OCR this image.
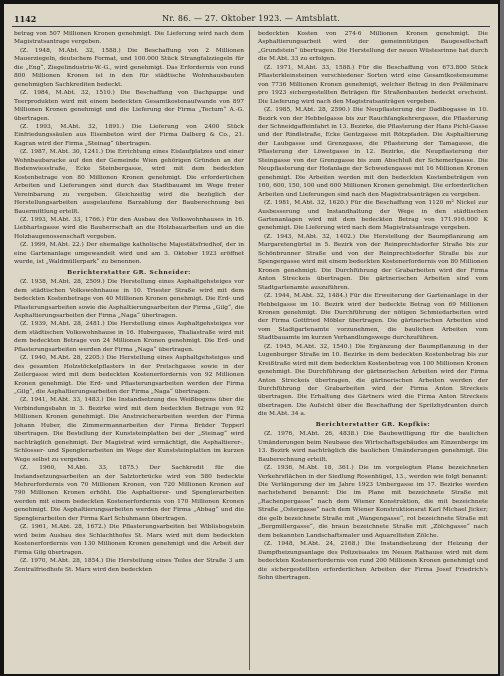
1142	Nr. 86. — 27. Oktober 1923. — Amtsblatt.

betrag von 507 Millionen Kronen genehmigt. Die Lieferung wird nach dem Magistratsantrage vergeben.

(Z. 1948, M.Abt. 32, 1588.) Die Beschaffung von 2 Millionen Mauerziegeln, deutschem Format, und 100.000 Stück Strangfalzziegeln für die „Eng“, Ziegelindustrie-W.-G., wird genehmigt. Das Erfordernis von rund 800 Millionen Kronen ist in den für städtische Wohnhausbauten genehmigten Sachkrediten bedeckt.

(Z. 1984, M.Abt. 32, 1510.) Die Beschaffung von Dachpappe und Teerprodukten wird mit einem bedeckten Gesamtkostenaufwande von 897 Millionen Kronen genehmigt und die Lieferung der Firma „Tectum“ A.-G. übertragen.

(Z. 1993, M.Abt. 32, 1891.) Die Lieferung von 2400 Stück Einfriedungssäulen aus Eisenbeton wird der Firma Dalberg & Co., 21. Kagran wird der Firma „Steinag“ übertragen.

(Z. 1987, M.Abt. 30, 1241.) Die Errichtung eines Eislaufplatzes und einer Wohnbaubaracke auf den der Gemeinde Wien gehörigen Gründen an der Bodenwiesstraße, Ecke Steinbergasse, wird mit dem bedeckten Kostenbetrage von 80 Millionen Kronen genehmigt. Die erforderlichen Arbeiten und Lieferungen sind durch das Stadtbauamt im Wege freier Vereinbarung zu vergeben. Gleichzeitig wird die bezüglich der Herstellungsarbeiten ausgelaufene Barzahlung der Bauberechnung bei Bauermittlung ertellt.

(Z. 1993, M.Abt. 33, 1766.) Für den Ausbau des Volkswohnhauses in 16. Liebhartsgasse wird die Bauherrschaft an die Holzbauarbeiten und an die Holzbaugenossenschaft vergeben.

(Z. 1999, M.Abt. 22.) Der ehemalige katholische Majestätsfriedhof, der in eine Gartenanlage umgewandelt wird und am 3. Oktober 1923 eröffnet wurde, ist „Waldmüllerpark“ zu benennen.

Berichterstatter GR. Schneider:

(Z. 1938, M.Abt. 28, 2509.) Die Herstellung eines Asphaltgehsteiges vor dem städtischen Volkswohnhause in 10. Triester Straße wird mit dem bedeckten Kostenbetrage von 40 Millionen Kronen genehmigt. Die Erd- und Pflasterungsarbeiten sowie die Asphaltierungsarbeiten der Firma „Gilg“, die Asphaltierungsarbeiten der Firma „Naga“ übertragen.

(Z. 1939, M.Abt. 28, 2481.) Die Herstellung eines Asphaltgehsteiges vor dem städtischen Volkswohnhause in 16. Hubergasse, Thaliastraße wird mit dem bedeckten Betrage von 24 Millionen Kronen genehmigt. Die Erd- und Pflasterungsarbeiten werden der Firma „Naga“ übertragen.

(Z. 1940, M.Abt. 28, 2205.) Die Herstellung eines Asphaltgehsteiges und des gesamten Holzstöckelpflasters in der Pretschgasse sowie in der Zeilergasse wird mit dem bedeckten Kostenerfordernis von 92 Millionen Kronen genehmigt. Die Erd- und Pflasterungsarbeiten werden der Firma „Gilg“, die Asphaltierungsarbeiten der Firma „Naga“ übertragen.

(Z. 1941, M.Abt. 33, 1483.) Die Instandsetzung des Weißbogens über die Verbindungsbahn in 3. Bezirke wird mit dem bedeckten Betrage von 92 Millionen Kronen genehmigt. Die Anstreicherarbeiten werden der Firma Johann Huber, die Zimmermannarbeiten der Firma Brüder Tepperl übertragen. Die Bestellung der Kunststeinplatten bei der „Steinag“ wird nachträglich genehmigt. Der Magistrat wird ermächtigt, die Asphaltierer-, Schlosser- und Spenglerarbeiten im Wege der Kunststeinplatten im kurzen Wege selbst zu vergeben.

(Z. 1960, M.Abt. 33, 1875.) Der Sachkredit für die Instandsetzungsarbeiten an der Salztorbrücke wird von 580 bedeckte Mehrerfordernis von 70 Millionen Kronen, von 720 Millionen Kronen auf 790 Millionen Kronen erhöht. Die Asphaltierer- und Spenglerarbeiten werden mit einem bedeckten Kostenerfordernis von 170 Millionen Kronen genehmigt. Die Asphaltierungsarbeiten werden der Firma „Abbag“ und die Spenglerarbeiten der Firma Karl Schuhmann übertragen.

(Z. 1961, M.Abt. 28, 1672.) Die Pflasterungsarbeiten bei Wiblisbogstein wird beim Ausbau des Schlachthofes St. Marx wird mit dem bedeckten Kostenerfordernis von 130 Millionen Kronen genehmigt und die Arbeit der Firma Gilg übertragen.

(Z. 1970, M.Abt. 28, 1854.) Die Herstellung eines Teiles der Straße 3 am Zentralfriedhofe St. Marx wird den bedeckten

bedeckten Kosten von 274·6 Millionen Kronen genehmigt. Die Asphaltierungsarbeit wird der gemeinnützigen Baugesellschaft „Grundstein“ übertragen. Die Herstellung der neuen Wüstesrinne hat durch die M.Abt. 33 zu erfolgen.

(Z. 1971, M.Abt. 33, 1588.) Für die Beschaffung von 673.800 Stück Pflasterkleinsteinen verschiedener Sorten wird eine Gesamtkostensumme von 7736 Millionen Kronen genehmigt, welcher Betrag in den Präliminare pro 1923 sichergestellten Beträgen für Straßenbauten bedeckt erscheint. Die Lieferung wird nach den Magistratsanträgen vergeben.

(Z. 1985, M.Abt. 28, 2590.) Die Neupflasterung der Dadibogasse in 10. Bezirk von der Hebbelgasse bis zur Rauchfangkehrergasse, die Pflasterung der Schneidgaffeinfahrt in 13. Bezirke, die Pflasterung der Hans Pichl-Gasse und der Rindlstraße, Ecke Gentzgasse mit Rötzpfaden. Die Asphaltierung der Laubgasse und Grenzgasse, die Pflasterung der Tamagasse, die Pflasterung der Löwetgasse in 12. Bezirke, die Neupflasterung der Steingasse von der Grenzgasse bis zum Abschluß der Schemerlgasse. Die Neupflasterung der Hofanlage der Schwedengasse mit 16 Millionen Kronen genehmigt. Die Arbeiten werden mit den bedeckten Kostenbeträgen von 160, 600, 150, 100 und 600 Millionen Kronen genehmigt. Die erforderlichen Arbeiten und Lieferungen sind nach den Magistratsanträgen zu vergeben.

(Z. 1981, M.Abt. 32, 1620.) Für die Beschaffung von 1120 m² Nickel zur Ausbesserung und Instandhaltung der Wege in den städtischen Gartenanlagen wird mit dem bedeckten Betrag von 171.916.000 K genehmigt. Die Lieferung wird nach dem Magistratsantrage vergeben.

(Z. 1943, M.Abt. 32, 1402.) Die Herstellung der Baumpflanzung am Margaretengürtel in 5. Bezirk von der Reinprechtsdorfer Straße bis zur Schönbrunner Straße und von der Reinprechtsdorfer Straße bis zur Spengergasse wird mit einem bedeckten Kostenerfordernis von 80 Millionen Kronen genehmigt. Die Durchführung der Grabarbeiten wird der Firma Anton Streckeis übertragen. Die gärtnerischen Arbeiten sind vom Stadtgartenamte auszuführen.

(Z. 1944, M.Abt. 32, 1484.) Für die Erweiterung der Gartenanlage in der Hebbelgasse im 10. Bezirk wird der bedeckte Betrag von 69 Millionen Kronen genehmigt. Die Durchführung der nötigen Schmiedarbeiten wird der Firma Gottfried Möbler übertragen. Die gärtnerischen Arbeiten sind vom Stadtgartenamte vorzunehmen, die baulichen Arbeiten vom Stadtbauamte im kurzen Verhandlungswege durchzuführen.

(Z. 1945, M.Abt. 32, 1540.) Die Ergänzung der Baumpflanzung in der Lugenburger Straße im 10. Bezirke in dem bedeckten Kostenbetrag bis zur Kreißtraße wird mit dem bedeckten Kostenbetrag von 100 Millionen Kronen genehmigt. Die Durchführung der gärtnerischen Arbeiten wird der Firma Anton Streckeis übertragen, die gärtnerischen Arbeiten werden der Durchführung der Grabarbeiten wird der Firma Anton Streckeis übertragen. Die Erhaltung des Gärtners wird die Firma Anton Streckeis übertragen. Die Aufsicht über die Beschaffung der Spritzhydranten durch die M.Abt. 34 a.

Berichterstatter GR. Kopfkis:

(Z. 1976, M.Abt. 26, 4838.) Die Baubewilligung für die baulichen Umänderungen beim Neubaue des Wirtschaftsgebäudes am Einzenberge im 13. Bezirk wird nachträglich die baulichen Umänderungen genehmigt. Die Bauberechnung erteilt.

(Z. 1936, M.Abt. 18, 361.) Die im vorgelegten Plane bezeichneten Verkehrsflächen in der Siedlung Rosenhügel, 13., werden wie folgt benannt: Die Verlängerung der im Jahre 1923 Umbergasse im 17. Bezirke werden nachstehend benannt: Die im Plane mit bezeichnete Straße mit „Rachenpergasse“ nach dem Wiener Konstruktion, die mit bezeichnete Straße „Ostergasse“ nach dem Wiener Konstruktionsrat Karl Michael Jicker; die gelb bezeichnete Straße mit „Wangengasse“, rot bezeichnete Straße mit „Bergmillergasse“, die braun bezeichnete Straße mit „Zölchgasse“ nach dem bekannten Landschaftsmaler und Aquarellisten Zölche.

(Z. 1948, M.Abt. 24, 2168.) Die Instandsetzung der Heizung der Dampfheizungsanlage des Polizeisaales im Neuen Rathause wird mit dem bedeckten Kostenerfordernis von rund 200 Millionen Kronen genehmigt und die sichergestellten erforderlichen Arbeiten der Firma Josef Friedrich's Sohn übertragen.
